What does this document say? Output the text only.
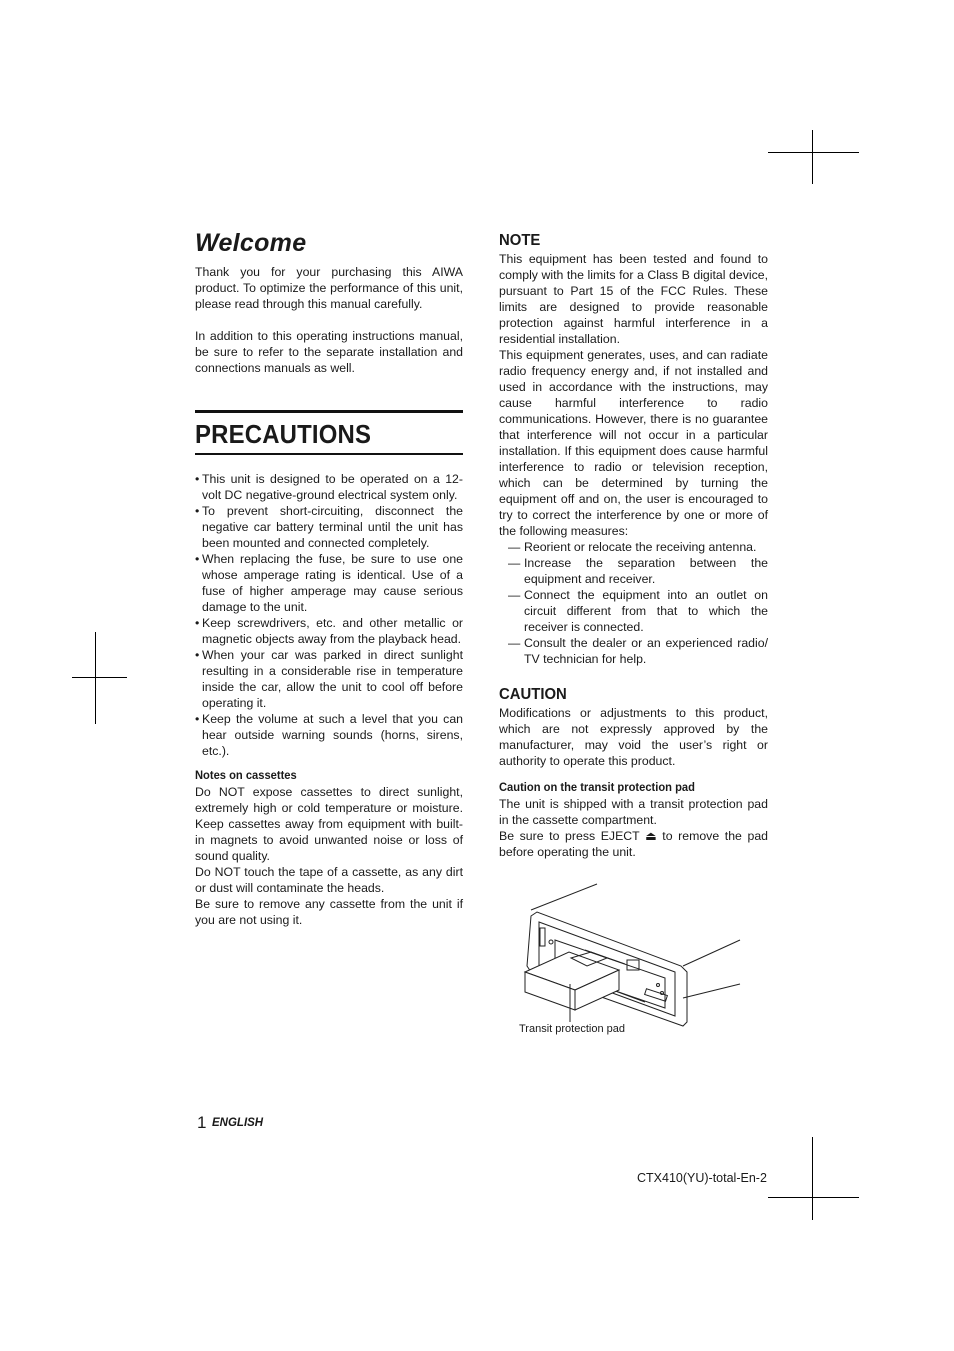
Welcome

Thank you for your purchasing this AIWA product. To optimize the performance of this unit, please read through this manual carefully.

In addition to this operating instructions manual, be sure to refer to the separate installation and connections manuals as well.

PRECAUTIONS
• This unit is designed to be operated on a 12-volt DC negative-ground electrical system only.
• To prevent short-circuiting, disconnect the negative car battery terminal until the unit has been mounted and connected completely.
• When replacing the fuse, be sure to use one whose amperage rating is identical. Use of a fuse of higher amperage may cause serious damage to the unit.
• Keep screwdrivers, etc. and other metallic or magnetic objects away from the playback head.
• When your car was parked in direct sunlight resulting in a considerable rise in temperature inside the car, allow the unit to cool off before operating it.
• Keep the volume at such a level that you can hear outside warning sounds (horns, sirens, etc.).
Notes on cassettes

Do NOT expose cassettes to direct sunlight, extremely high or cold temperature or moisture. Keep cassettes away from equipment with built-in magnets to avoid unwanted noise or loss of sound quality.

Do NOT touch the tape of a cassette, as any dirt or dust will contaminate the heads.

Be sure to remove any cassette from the unit if you are not using it.

NOTE

This equipment has been tested and found to comply with the limits for a Class B digital device, pursuant to Part 15 of the FCC Rules. These limits are designed to provide reasonable protection against harmful interference in a residential installation.

This equipment generates, uses, and can radiate radio frequency energy and, if not installed and used in accordance with the instructions, may cause harmful interference to radio communications. However, there is no guarantee that interference will not occur in a particular installation. If this equipment does cause harmful interference to radio or television reception, which can be determined by turning the equipment off and on, the user is encouraged to try to correct the interference by one or more of the following measures:

— Reorient or relocate the receiving antenna.
— Increase the separation between the equipment and receiver.
— Connect the equipment into an outlet on circuit different from that to which the receiver is connected.
— Consult the dealer or an experienced radio/ TV technician for help.
CAUTION

Modifications or adjustments to this product, which are not expressly approved by the manufacturer, may void the user’s right or authority to operate this product.

Caution on the transit protection pad

The unit is shipped with a transit protection pad in the cassette compartment.

Be sure to press EJECT ⏏ to remove the pad before operating the unit.

Transit protection pad
1 ENGLISH
CTX410(YU)-total-En-2
